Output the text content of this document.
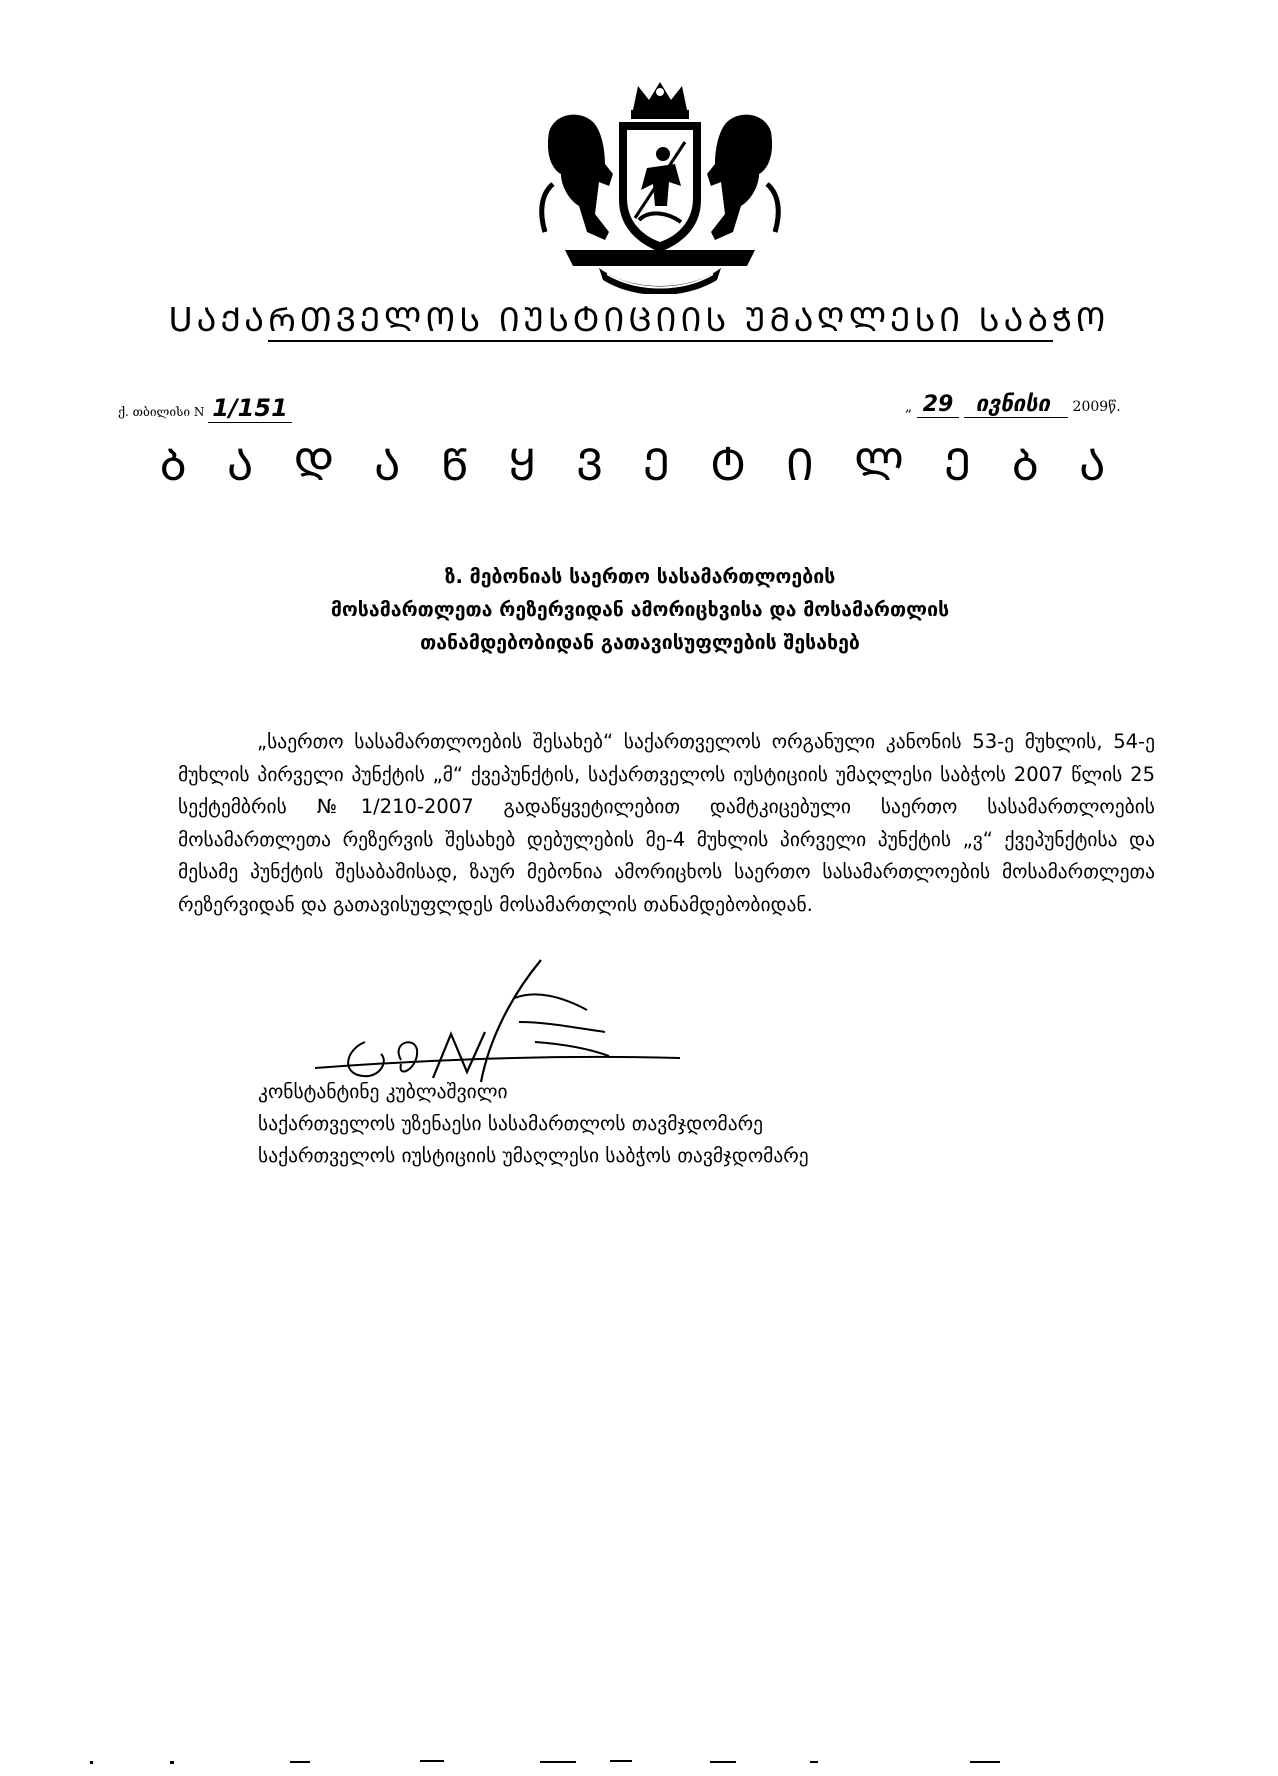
ՍᲐᲥᲐᲠᲗᲕᲔᲚᲝᲡ ᲘᲣᲡᲢᲘᲪᲘᲘᲡ ᲣᲛᲐᲦᲚᲔᲡᲘ ᲡᲐᲑᲭᲝ
ქ. თბილისი N 1/151	„ 29 ივნისი 2009წ.
Ბ Ა Დ Ა Წ Ყ Ვ Ე Ტ Ი Ლ Ე Ბ Ა
ზ. მებონიას საერთო სასამართლოების
მოსამართლეთა რეზერვიდან ამორიცხვისა და მოსამართლის
თანამდებობიდან გათავისუფლების შესახებ
„საერთო სასამართლოების შესახებ“ საქართველოს ორგანული კანონის 53-ე მუხლის, 54-ე მუხლის პირველი პუნქტის „მ“ ქვეპუნქტის, საქართველოს იუსტიციის უმაღლესი საბჭოს 2007 წლის 25 სექტემბრის №1/210-2007 გადაწყვეტილებით დამტკიცებული საერთო სასამართლოების მოსამართლეთა რეზერვის შესახებ დებულების მე-4 მუხლის პირველი პუნქტის „ვ“ ქვეპუნქტისა და მესამე პუნქტის შესაბამისად, ზაურ მებონია ამორიცხოს საერთო სასამართლოების მოსამართლეთა რეზერვიდან და გათავისუფლდეს მოსამართლის თანამდებობიდან.
კონსტანტინე კუბლაშვილი
საქართველოს უზენაესი სასამართლოს თავმჯდომარე
საქართველოს იუსტიციის უმაღლესი საბჭოს თავმჯდომარე
